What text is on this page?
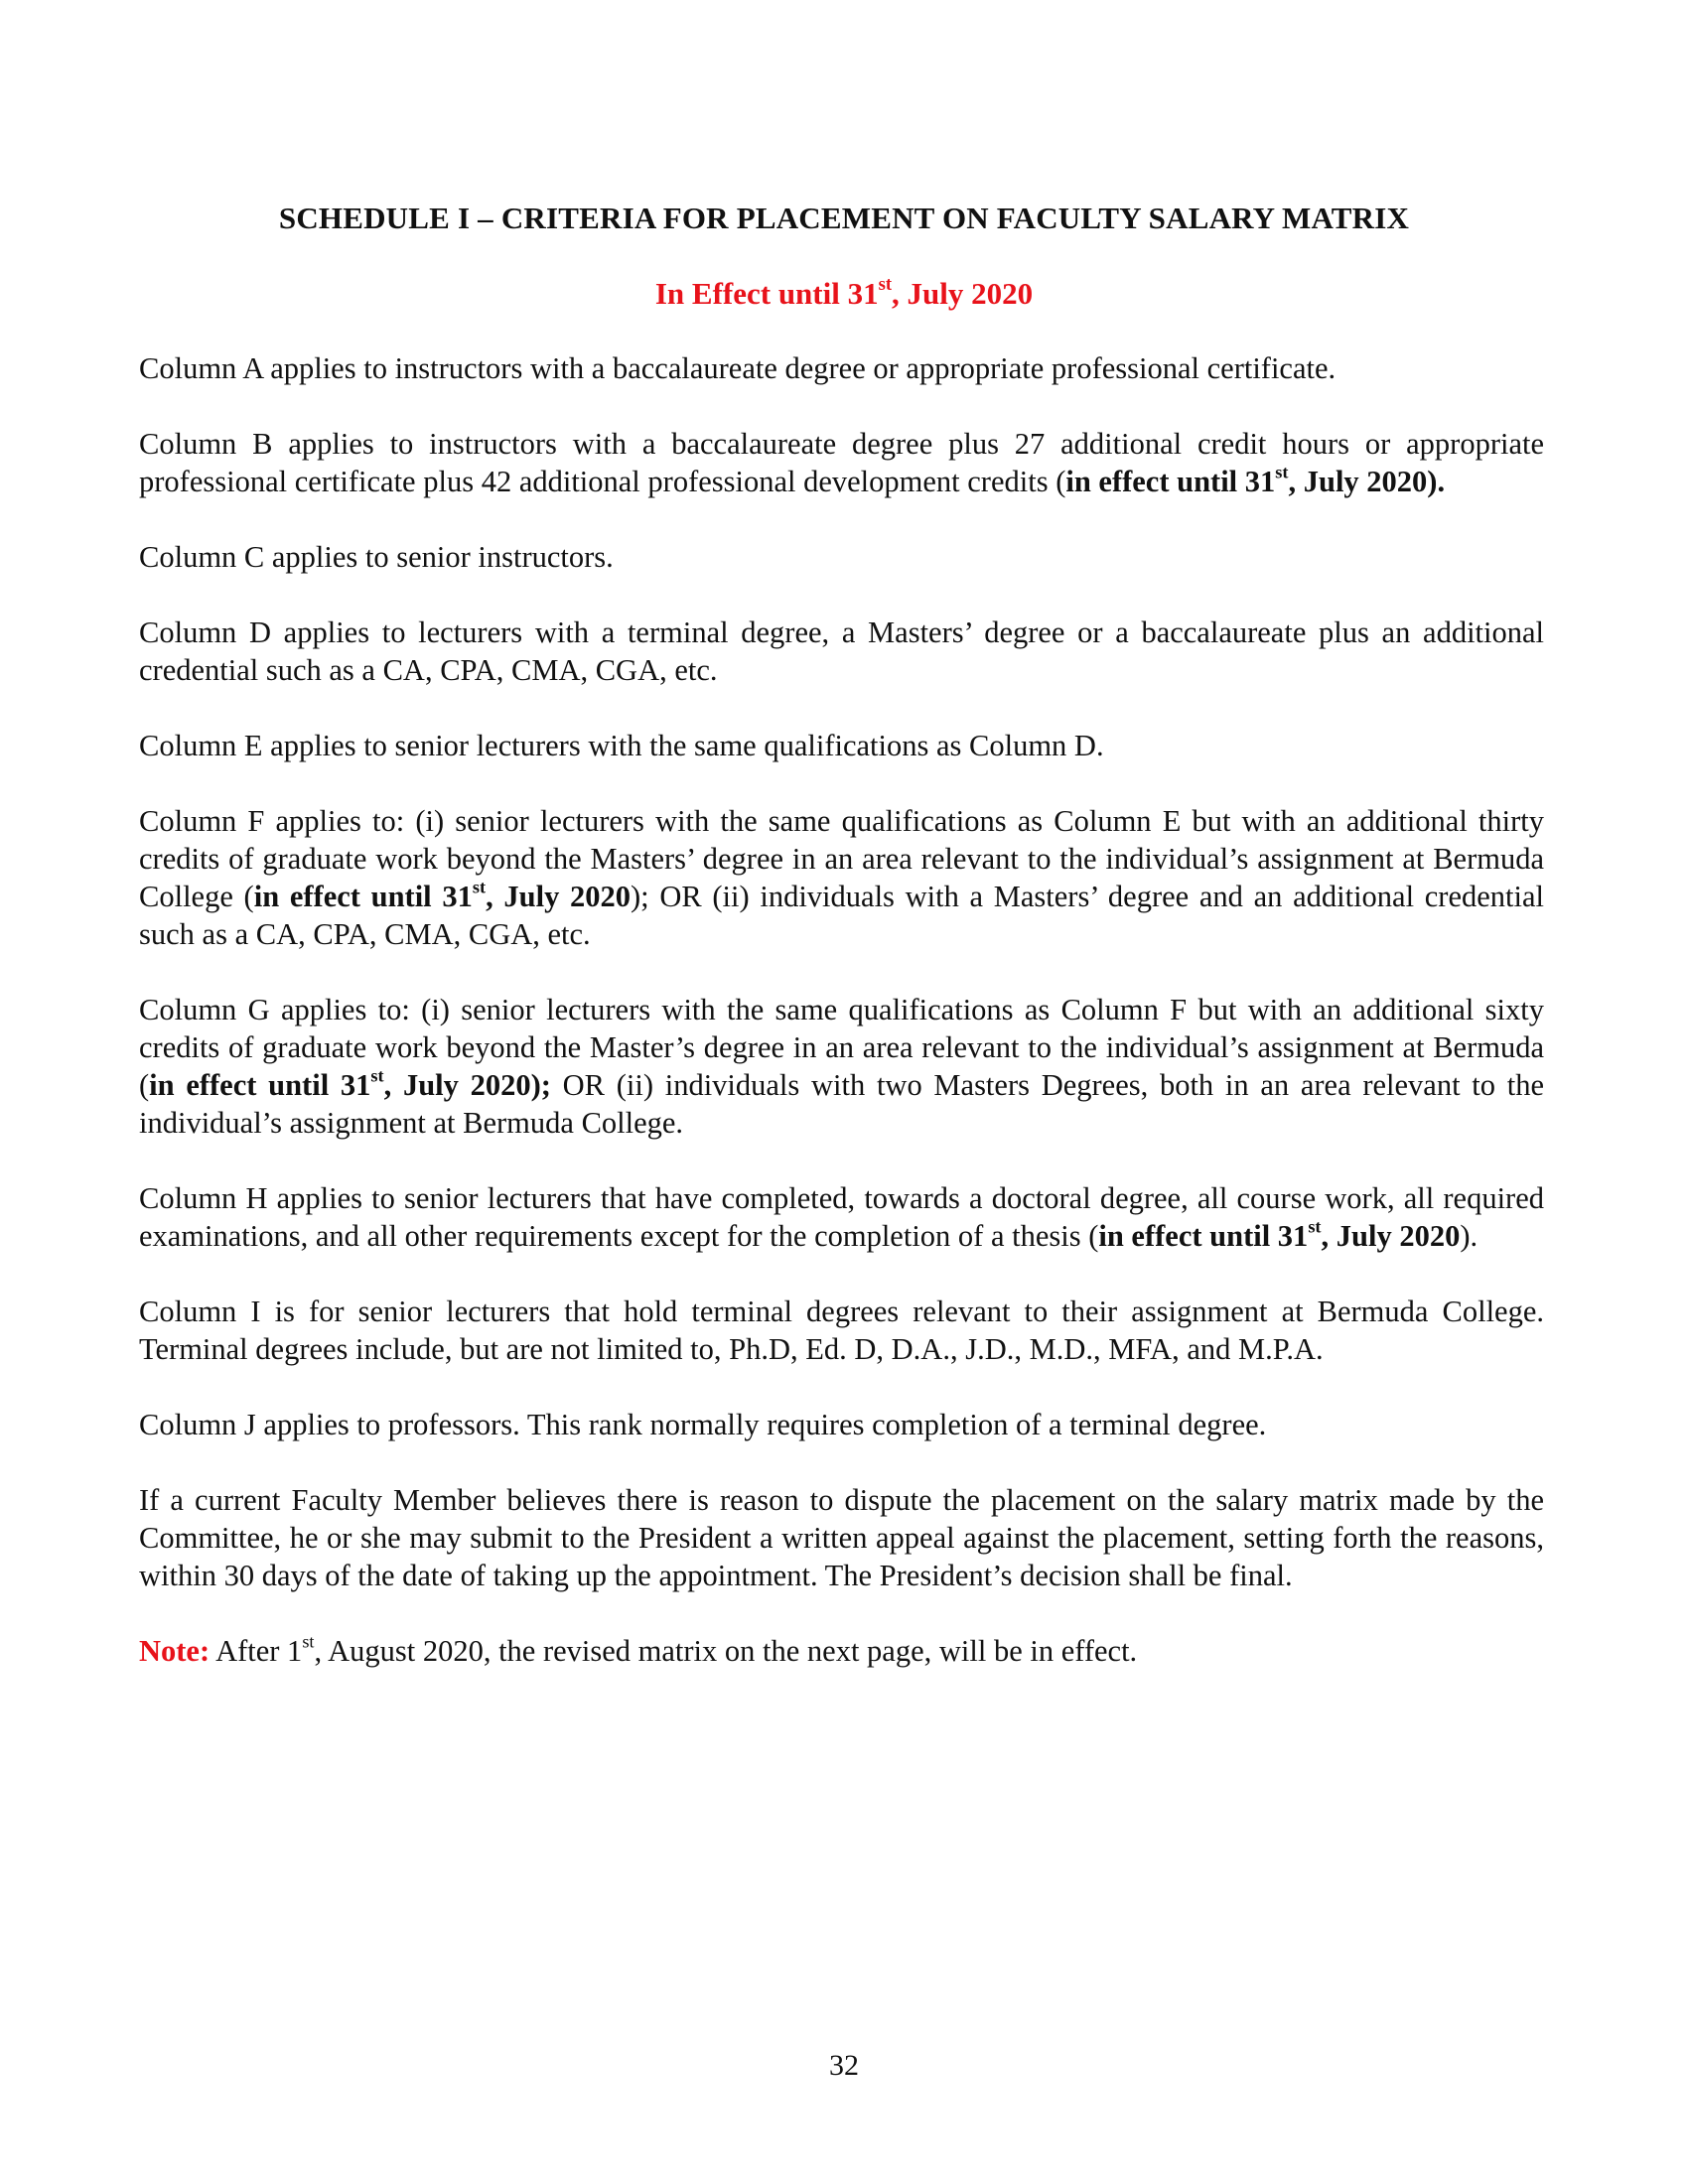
SCHEDULE I – CRITERIA FOR PLACEMENT ON FACULTY SALARY MATRIX
In Effect until 31st, July 2020

Column A applies to instructors with a baccalaureate degree or appropriate professional certificate.

Column B applies to instructors with a baccalaureate degree plus 27 additional credit hours or appropriate professional certificate plus 42 additional professional development credits (in effect until 31st, July 2020).

Column C applies to senior instructors.

Column D applies to lecturers with a terminal degree, a Masters’ degree or a baccalaureate plus an additional credential such as a CA, CPA, CMA, CGA, etc.

Column E applies to senior lecturers with the same qualifications as Column D.

Column F applies to: (i) senior lecturers with the same qualifications as Column E but with an additional thirty credits of graduate work beyond the Masters’ degree in an area relevant to the individual’s assignment at Bermuda College (in effect until 31st, July 2020); OR (ii) individuals with a Masters’ degree and an additional credential such as a CA, CPA, CMA, CGA, etc.

Column G applies to: (i) senior lecturers with the same qualifications as Column F but with an additional sixty credits of graduate work beyond the Master’s degree in an area relevant to the individual’s assignment at Bermuda (in effect until 31st, July 2020); OR (ii) individuals with two Masters Degrees, both in an area relevant to the individual’s assignment at Bermuda College.

Column H applies to senior lecturers that have completed, towards a doctoral degree, all course work, all required examinations, and all other requirements except for the completion of a thesis (in effect until 31st, July 2020).

Column I is for senior lecturers that hold terminal degrees relevant to their assignment at Bermuda College. Terminal degrees include, but are not limited to, Ph.D, Ed. D, D.A., J.D., M.D., MFA, and M.P.A.

Column J applies to professors. This rank normally requires completion of a terminal degree.

If a current Faculty Member believes there is reason to dispute the placement on the salary matrix made by the Committee, he or she may submit to the President a written appeal against the placement, setting forth the reasons, within 30 days of the date of taking up the appointment. The President’s decision shall be final.

Note: After 1st, August 2020, the revised matrix on the next page, will be in effect.

32
